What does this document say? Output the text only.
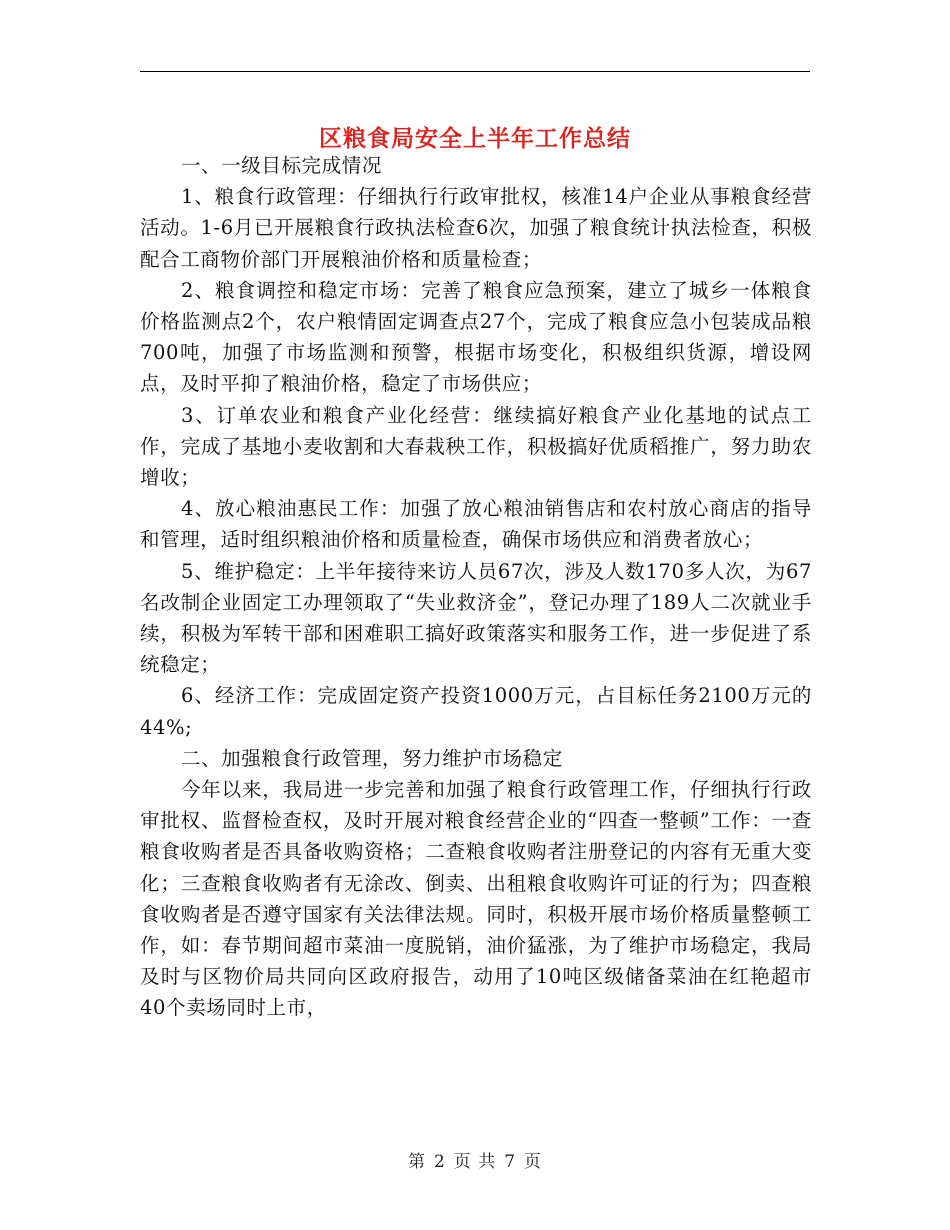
区粮食局安全上半年工作总结

一、一级目标完成情况

1、粮食行政管理：仔细执行行政审批权，核准14户企业从事粮食经营活动。1-6月已开展粮食行政执法检查6次，加强了粮食统计执法检查，积极配合工商物价部门开展粮油价格和质量检查；

2、粮食调控和稳定市场：完善了粮食应急预案，建立了城乡一体粮食价格监测点2个，农户粮情固定调查点27个，完成了粮食应急小包装成品粮700吨，加强了市场监测和预警，根据市场变化，积极组织货源，增设网点，及时平抑了粮油价格，稳定了市场供应；

3、订单农业和粮食产业化经营：继续搞好粮食产业化基地的试点工作，完成了基地小麦收割和大春栽秧工作，积极搞好优质稻推广，努力助农增收；

4、放心粮油惠民工作：加强了放心粮油销售店和农村放心商店的指导和管理，适时组织粮油价格和质量检查，确保市场供应和消费者放心；

5、维护稳定：上半年接待来访人员67次，涉及人数170多人次，为67名改制企业固定工办理领取了“失业救济金”，登记办理了189人二次就业手续，积极为军转干部和困难职工搞好政策落实和服务工作，进一步促进了系统稳定；

6、经济工作：完成固定资产投资1000万元，占目标任务2100万元的44%;

二、加强粮食行政管理，努力维护市场稳定

今年以来，我局进一步完善和加强了粮食行政管理工作，仔细执行行政审批权、监督检查权，及时开展对粮食经营企业的“四查一整顿”工作：一查粮食收购者是否具备收购资格；二查粮食收购者注册登记的内容有无重大变化；三查粮食收购者有无涂改、倒卖、出租粮食收购许可证的行为；四查粮食收购者是否遵守国家有关法律法规。同时，积极开展市场价格质量整顿工作，如：春节期间超市菜油一度脱销，油价猛涨，为了维护市场稳定，我局及时与区物价局共同向区政府报告，动用了10吨区级储备菜油在红艳超市40个卖场同时上市，

第 2 页 共 7 页
